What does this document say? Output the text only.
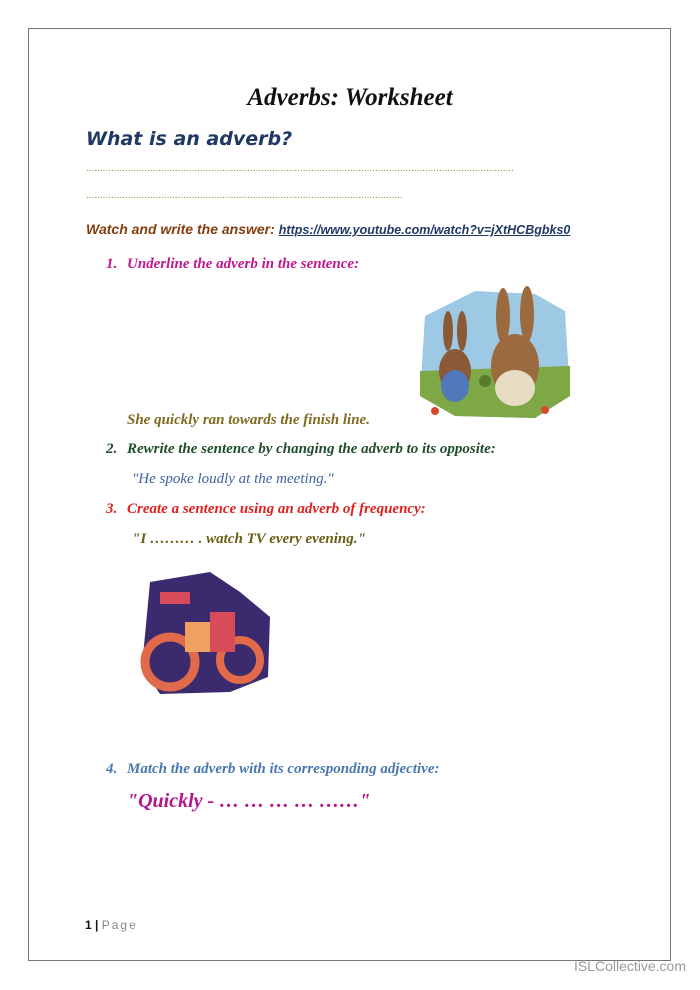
Adverbs: Worksheet
What is an adverb?
..........................................................................................................................................................
..................................................................................................................
Watch and write the answer: https://www.youtube.com/watch?v=jXtHCBgbks0
1. Underline the adverb in the sentence:
She quickly ran towards the finish line.
2. Rewrite the sentence by changing the adverb to its opposite:
"He spoke loudly at the meeting."
3. Create a sentence using an adverb of frequency:
"I ……… . watch TV every evening."
4. Match the adverb with its corresponding adjective:
"Quickly - … … … … ……"
1 | Page
ISLCollective.com
